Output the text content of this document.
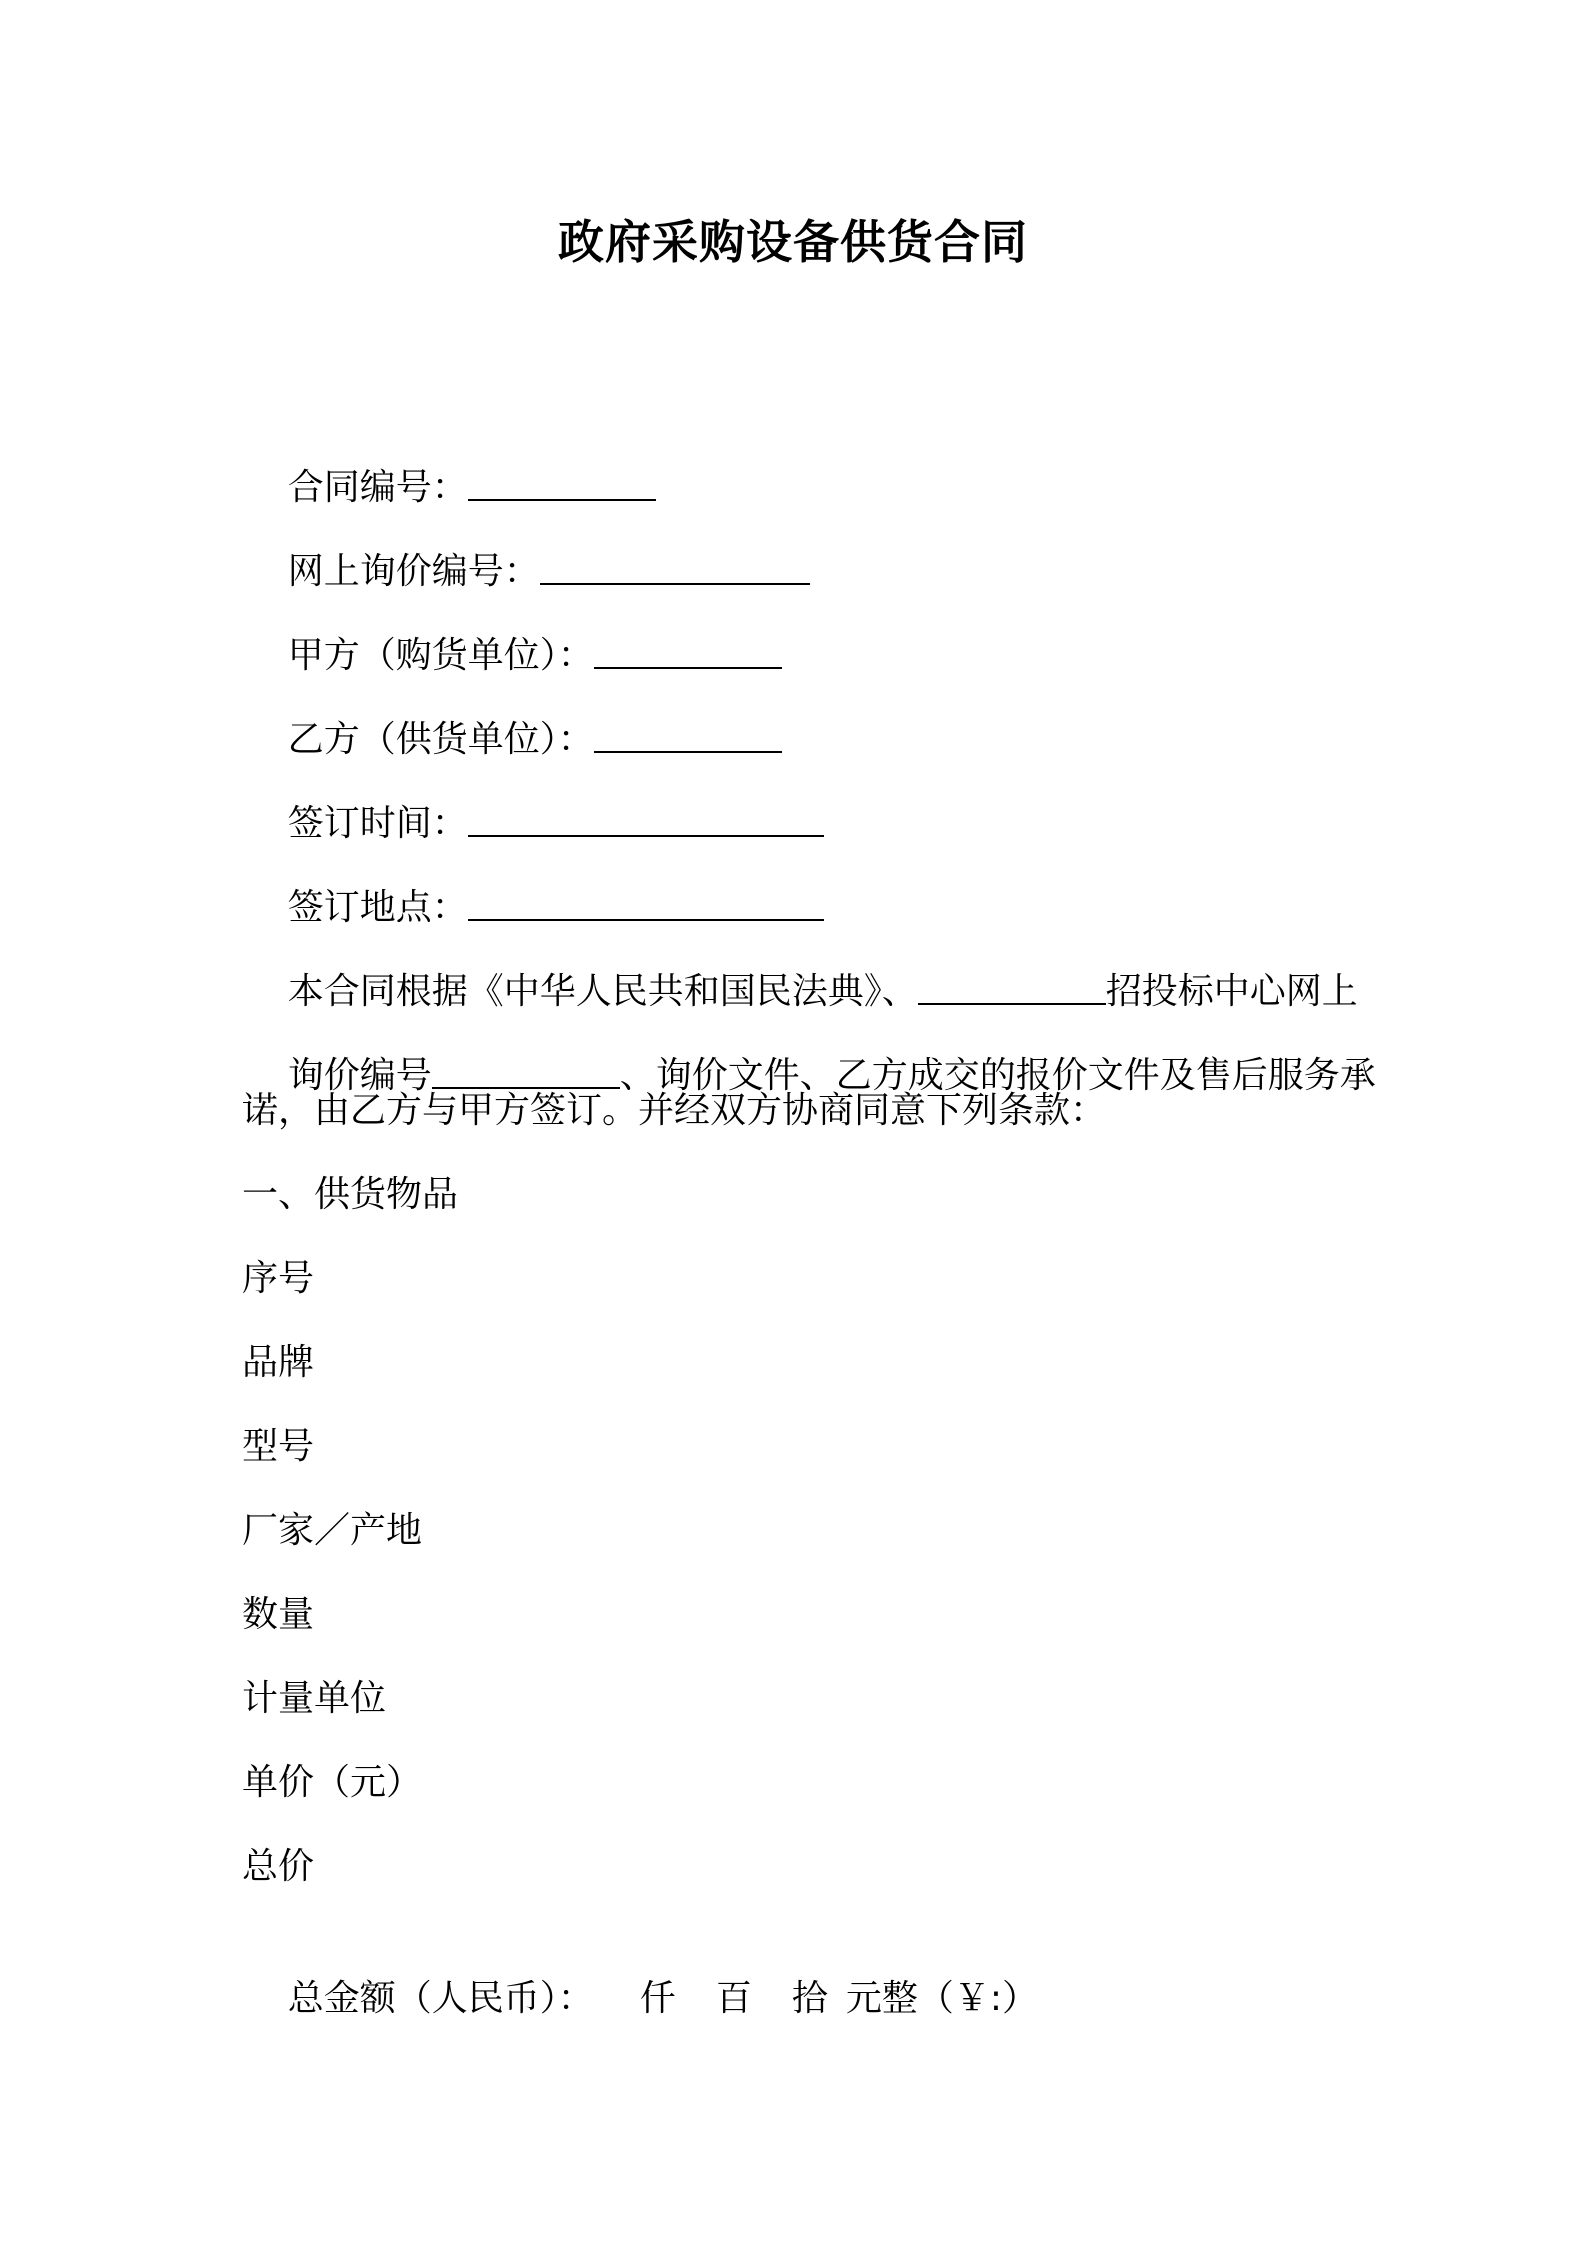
政府采购设备供货合同

合同编号：

网上询价编号：

甲方（购货单位）：

乙方（供货单位）：

签订时间：

签订地点：

本合同根据《中华人民共和国民法典》、	招投标中心网上

询价编号	、询价文件、乙方成交的报价文件及售后服务承

诺，由乙方与甲方签订。并经双方协商同意下列条款：
一、供货物品
序号
品牌
型号
厂家／产地
数量
计量单位
单价（元）
总价

总金额（人民币）： 仟 百 拾 元整（￥:）
